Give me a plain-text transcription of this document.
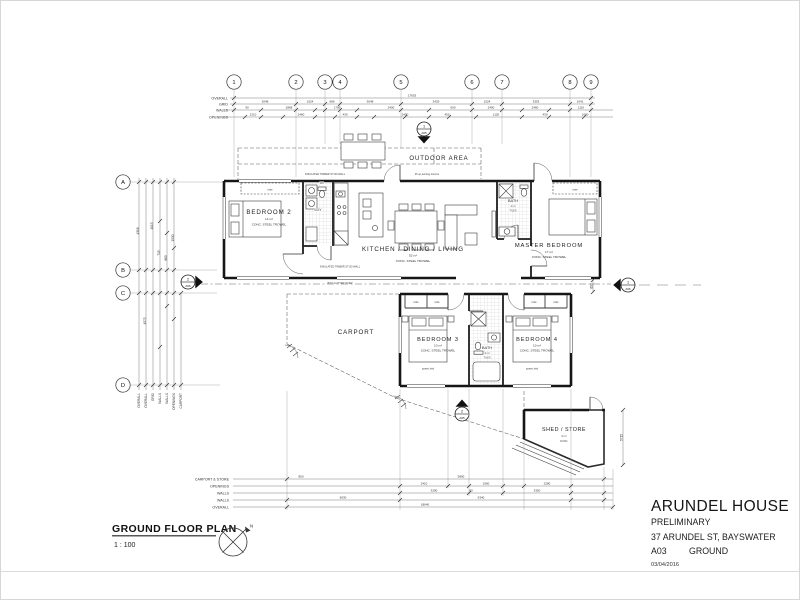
OVERALL
GRID
WALLS
OPENINGS
17653
3048	1524	686	3048	3429	1524	3353	1041
90	2868	1700	2400	600	2400	2460	1110
1210	2460	430	2400	450	1120	430	1000
1	2	3 4	5	6	7	8	9
A
B
C
D
4318
4572
4013
715
860
1530
OVERALL OVERALL GRID WALLS WALLS OPENINGS CARPORT
OUTDOOR AREA
INSULATED TIMBER STUD WALL	lift up awning louvres
robe	robe
BEDROOM 2
14 m²
CONC. STEEL TROWEL
KITCHEN / DINING / LIVING
52 m²
CONC. STEEL TROWEL
MASTER BEDROOM
17 m²
CONC. STEEL TROWEL
BATH
4 m²
TILES
LDY
WC
INSULATED TIMBER STUD WALL
BOX GUTTER OVER
CARPORT
robe	robe	robe	robe
queen bed	queen bed
BEDROOM 3
10 m²
CONC. STEEL TROWEL
BEDROOM 4
10 m²
CONC. STEEL TROWEL
BATH
4 m²
TILES
600
SHED / STORE
9 m²
CONC.
5715
1
A05
2
A05
2
A06
1
A06
CARPORT & STORE
OPENINGS
WALLS
WALLS
OVERALL
850	5890
2410	1060	2280
3290	90	3350
5630	6340
18640
GROUND FLOOR PLAN
1 : 100
N
ARUNDEL HOUSE
PRELIMINARY
37 ARUNDEL ST, BAYSWATER
A03	GROUND
03/04/2016
